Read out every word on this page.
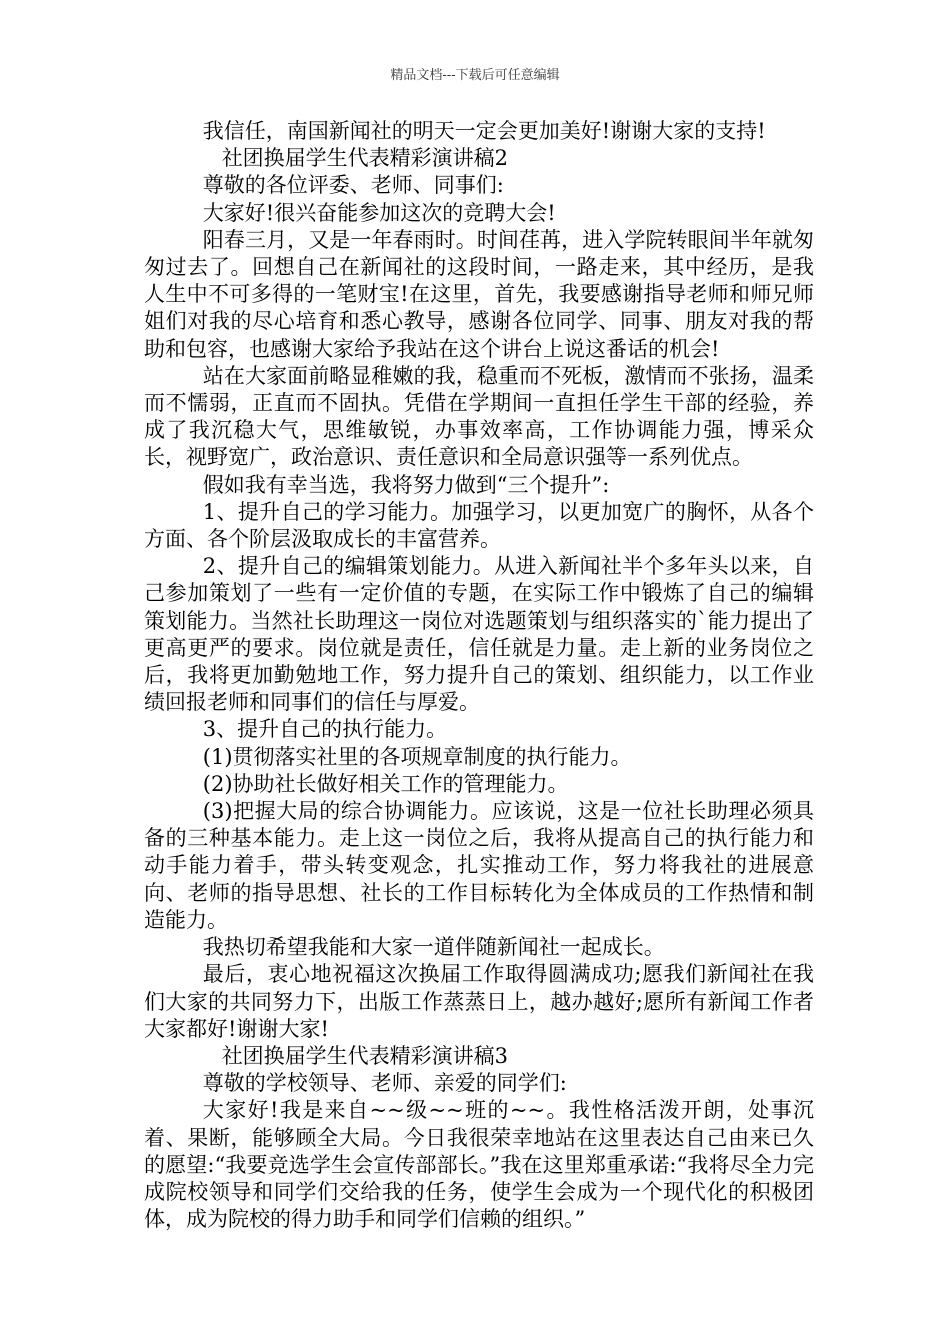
精品文档---下载后可任意编辑

我信任，南国新闻社的明天一定会更加美好!谢谢大家的支持!

社团换届学生代表精彩演讲稿2

尊敬的各位评委、老师、同事们:

大家好!很兴奋能参加这次的竞聘大会!

阳春三月，又是一年春雨时。时间荏苒，进入学院转眼间半年就匆匆过去了。回想自己在新闻社的这段时间，一路走来，其中经历，是我人生中不可多得的一笔财宝!在这里，首先，我要感谢指导老师和师兄师姐们对我的尽心培育和悉心教导，感谢各位同学、同事、朋友对我的帮助和包容，也感谢大家给予我站在这个讲台上说这番话的机会!

站在大家面前略显稚嫩的我，稳重而不死板，激情而不张扬，温柔而不懦弱，正直而不固执。凭借在学期间一直担任学生干部的经验，养成了我沉稳大气，思维敏锐，办事效率高，工作协调能力强，博采众长，视野宽广，政治意识、责任意识和全局意识强等一系列优点。

假如我有幸当选，我将努力做到“三个提升”:

1、提升自己的学习能力。加强学习，以更加宽广的胸怀，从各个方面、各个阶层汲取成长的丰富营养。

2、提升自己的编辑策划能力。从进入新闻社半个多年头以来，自己参加策划了一些有一定价值的专题，在实际工作中锻炼了自己的编辑策划能力。当然社长助理这一岗位对选题策划与组织落实的`能力提出了更高更严的要求。岗位就是责任，信任就是力量。走上新的业务岗位之后，我将更加勤勉地工作，努力提升自己的策划、组织能力，以工作业绩回报老师和同事们的信任与厚爱。

3、提升自己的执行能力。

(1)贯彻落实社里的各项规章制度的执行能力。

(2)协助社长做好相关工作的管理能力。

(3)把握大局的综合协调能力。应该说，这是一位社长助理必须具备的三种基本能力。走上这一岗位之后，我将从提高自己的执行能力和动手能力着手，带头转变观念，扎实推动工作，努力将我社的进展意向、老师的指导思想、社长的工作目标转化为全体成员的工作热情和制造能力。

我热切希望我能和大家一道伴随新闻社一起成长。

最后，衷心地祝福这次换届工作取得圆满成功;愿我们新闻社在我们大家的共同努力下，出版工作蒸蒸日上，越办越好;愿所有新闻工作者大家都好!谢谢大家!

社团换届学生代表精彩演讲稿3

尊敬的学校领导、老师、亲爱的同学们:

大家好!我是来自~~级~~班的~~。我性格活泼开朗，处事沉着、果断，能够顾全大局。今日我很荣幸地站在这里表达自己由来已久的愿望:“我要竞选学生会宣传部部长。”我在这里郑重承诺:“我将尽全力完成院校领导和同学们交给我的任务，使学生会成为一个现代化的积极团体，成为院校的得力助手和同学们信赖的组织。”
